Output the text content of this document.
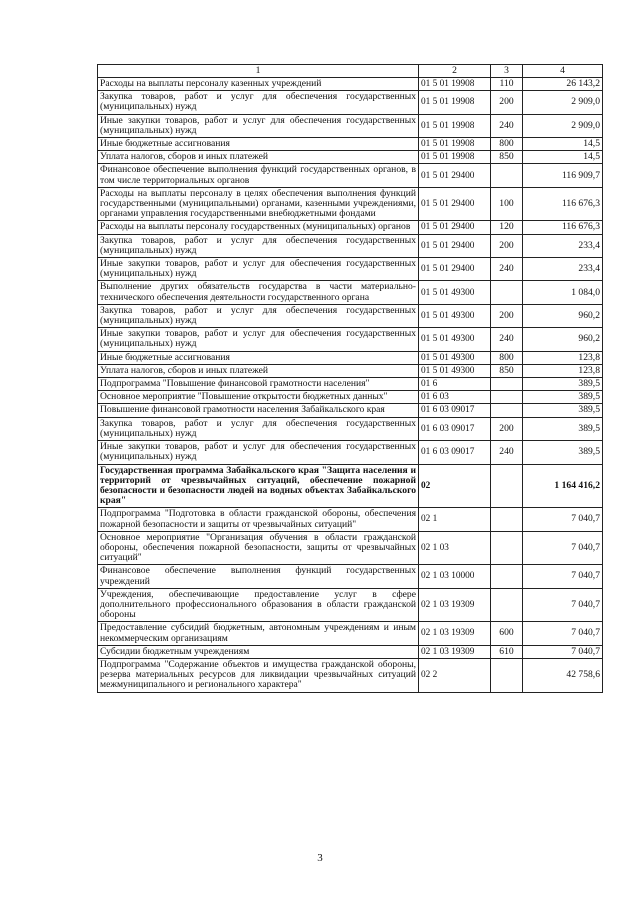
1	2	3	4
Расходы на выплаты персоналу казенных учреждений	01 5 01 19908	110	26 143,2
Закупка товаров, работ и услуг для обеспечения государственных (муниципальных) нужд	01 5 01 19908	200	2 909,0
Иные закупки товаров, работ и услуг для обеспечения государственных (муниципальных) нужд	01 5 01 19908	240	2 909,0
Иные бюджетные ассигнования	01 5 01 19908	800	14,5
Уплата налогов, сборов и иных платежей	01 5 01 19908	850	14,5
Финансовое обеспечение выполнения функций государственных органов, в том числе территориальных органов	01 5 01 29400		116 909,7
Расходы на выплаты персоналу в целях обеспечения выполнения функций государственными (муниципальными) органами, казенными учреждениями, органами управления государственными внебюджетными фондами	01 5 01 29400	100	116 676,3
Расходы на выплаты персоналу государственных (муниципальных) органов	01 5 01 29400	120	116 676,3
Закупка товаров, работ и услуг для обеспечения государственных (муниципальных) нужд	01 5 01 29400	200	233,4
Иные закупки товаров, работ и услуг для обеспечения государственных (муниципальных) нужд	01 5 01 29400	240	233,4
Выполнение других обязательств государства в части материально-технического обеспечения деятельности государственного органа	01 5 01 49300		1 084,0
Закупка товаров, работ и услуг для обеспечения государственных (муниципальных) нужд	01 5 01 49300	200	960,2
Иные закупки товаров, работ и услуг для обеспечения государственных (муниципальных) нужд	01 5 01 49300	240	960,2
Иные бюджетные ассигнования	01 5 01 49300	800	123,8
Уплата налогов, сборов и иных платежей	01 5 01 49300	850	123,8
Подпрограмма "Повышение финансовой грамотности населения"	01 6		389,5
Основное мероприятие "Повышение открытости бюджетных данных"	01 6 03		389,5
Повышение финансовой грамотности населения Забайкальского края	01 6 03 09017		389,5
Закупка товаров, работ и услуг для обеспечения государственных (муниципальных) нужд	01 6 03 09017	200	389,5
Иные закупки товаров, работ и услуг для обеспечения государственных (муниципальных) нужд	01 6 03 09017	240	389,5
Государственная программа Забайкальского края "Защита населения и территорий от чрезвычайных ситуаций, обеспечение пожарной безопасности и безопасности людей на водных объектах Забайкальского края"	02		1 164 416,2
Подпрограмма "Подготовка в области гражданской обороны, обеспечения пожарной безопасности и защиты от чрезвычайных ситуаций"	02 1		7 040,7
Основное мероприятие "Организация обучения в области гражданской обороны, обеспечения пожарной безопасности, защиты от чрезвычайных ситуаций"	02 1 03		7 040,7
Финансовое обеспечение выполнения функций государственных учреждений	02 1 03 10000		7 040,7
Учреждения, обеспечивающие предоставление услуг в сфере дополнительного профессионального образования в области гражданской обороны	02 1 03 19309		7 040,7
Предоставление субсидий бюджетным, автономным учреждениям и иным некоммерческим организациям	02 1 03 19309	600	7 040,7
Субсидии бюджетным учреждениям	02 1 03 19309	610	7 040,7
Подпрограмма "Содержание объектов и имущества гражданской обороны, резерва материальных ресурсов для ликвидации чрезвычайных ситуаций межмуниципального и регионального характера"	02 2		42 758,6
3
